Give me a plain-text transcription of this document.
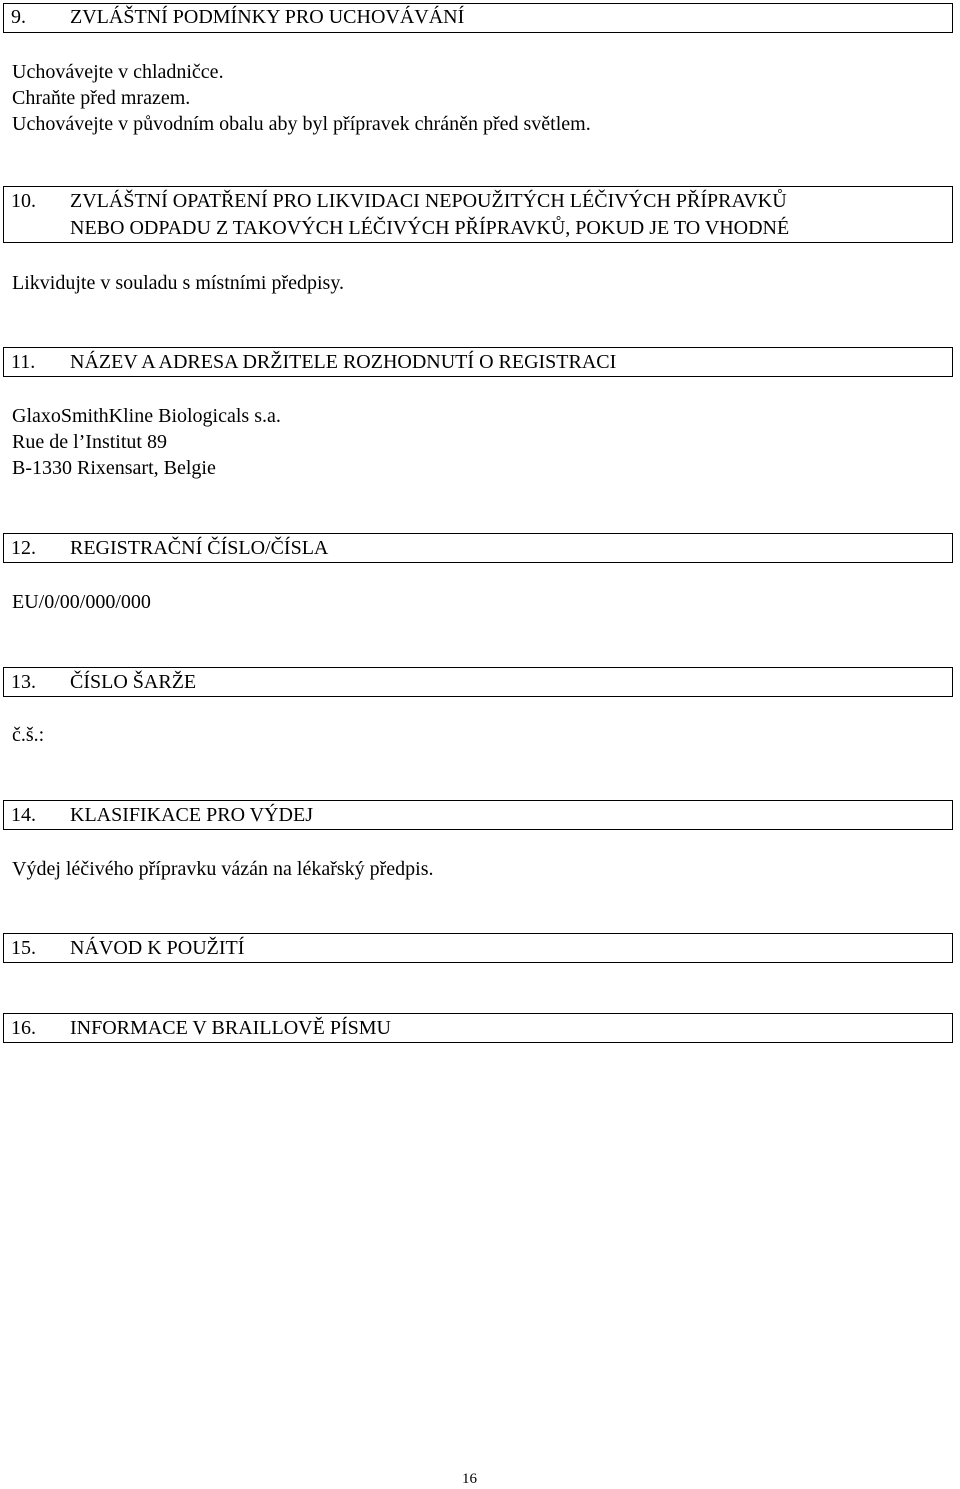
9. ZVLÁŠTNÍ PODMÍNKY PRO UCHOVÁVÁNÍ
Uchovávejte v chladničce.
Chraňte před mrazem.
Uchovávejte v původním obalu aby byl přípravek chráněn před světlem.
10. ZVLÁŠTNÍ OPATŘENÍ PRO LIKVIDACI NEPOUŽITÝCH LÉČIVÝCH PŘÍPRAVKŮ
NEBO ODPADU Z TAKOVÝCH LÉČIVÝCH PŘÍPRAVKŮ, POKUD JE TO VHODNÉ
Likvidujte v souladu s místními předpisy.
11. NÁZEV A ADRESA DRŽITELE ROZHODNUTÍ O REGISTRACI
GlaxoSmithKline Biologicals s.a.
Rue de l’Institut 89
B-1330 Rixensart, Belgie
12. REGISTRAČNÍ ČÍSLO/ČÍSLA
EU/0/00/000/000
13. ČÍSLO ŠARŽE
č.š.:
14. KLASIFIKACE PRO VÝDEJ
Výdej léčivého přípravku vázán na lékařský předpis.
15. NÁVOD K POUŽITÍ
16. INFORMACE V BRAILLOVĚ PÍSMU
16
